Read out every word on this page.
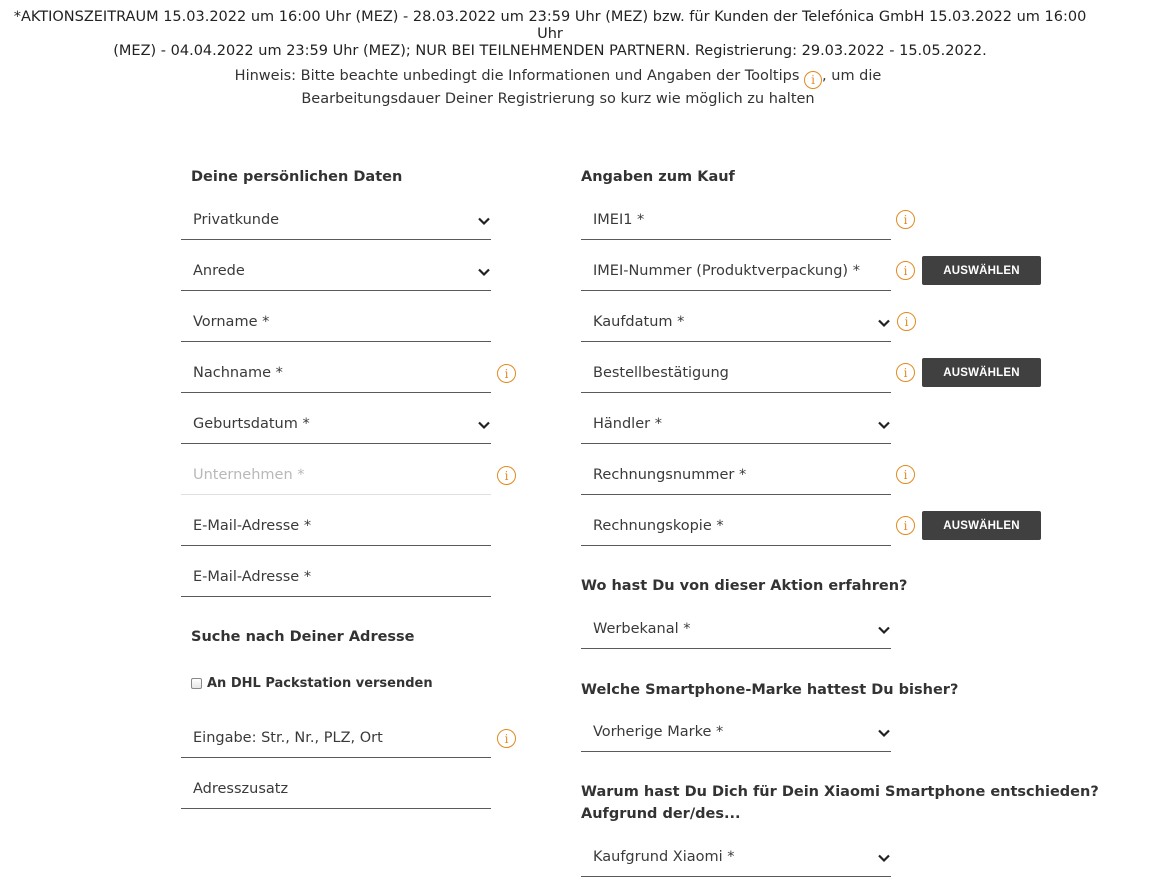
*AKTIONSZEITRAUM 15.03.2022 um 16:00 Uhr (MEZ) - 28.03.2022 um 23:59 Uhr (MEZ) bzw. für Kunden der Telefónica GmbH 15.03.2022 um 16:00 Uhr
(MEZ) - 04.04.2022 um 23:59 Uhr (MEZ); NUR BEI TEILNEHMENDEN PARTNERN. Registrierung: 29.03.2022 - 15.05.2022.
Hinweis: Bitte beachte unbedingt die Informationen und Angaben der Tooltips i , um die
Bearbeitungsdauer Deiner Registrierung so kurz wie möglich zu halten
Deine persönlichen Daten
Privatkunde
Anrede
Vorname *
Nachname *	i
Geburtsdatum *
Unternehmen *	i
E-Mail-Adresse *
E-Mail-Adresse *
Suche nach Deiner Adresse
An DHL Packstation versenden
Eingabe: Str., Nr., PLZ, Ort	i
Adresszusatz
Angaben zum Kauf
IMEI1 *	i
IMEI-Nummer (Produktverpackung) *	i	AUSWÄHLEN
Kaufdatum *	i
Bestellbestätigung	i	AUSWÄHLEN
Händler *
Rechnungsnummer *	i
Rechnungskopie *	i	AUSWÄHLEN
Wo hast Du von dieser Aktion erfahren?
Werbekanal *
Welche Smartphone-Marke hattest Du bisher?
Vorherige Marke *
Warum hast Du Dich für Dein Xiaomi Smartphone entschieden?
Aufgrund der/des...
Kaufgrund Xiaomi *
